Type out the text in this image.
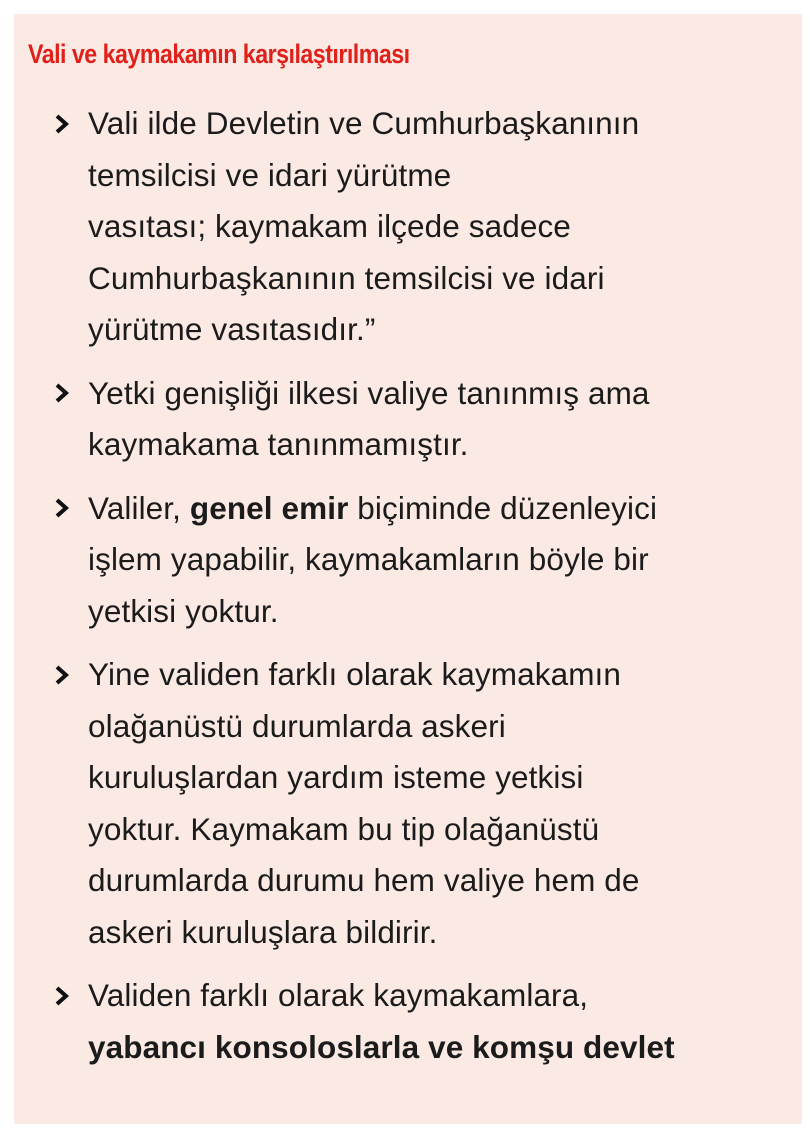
Vali ve kaymakamın karşılaştırılması
Vali ilde Devletin ve Cumhurbaşkanının
temsilcisi ve idari yürütme
vasıtası; kaymakam ilçede sadece
Cumhurbaşkanının temsilcisi ve idari
yürütme vasıtasıdır.”
Yetki genişliği ilkesi valiye tanınmış ama
kaymakama tanınmamıştır.
Valiler, genel emir biçiminde düzenleyici
işlem yapabilir, kaymakamların böyle bir
yetkisi yoktur.
Yine validen farklı olarak kaymakamın
olağanüstü durumlarda askeri
kuruluşlardan yardım isteme yetkisi
yoktur. Kaymakam bu tip olağanüstü
durumlarda durumu hem valiye hem de
askeri kuruluşlara bildirir.
Validen farklı olarak kaymakamlara,
yabancı konsoloslarla ve komşu devlet
